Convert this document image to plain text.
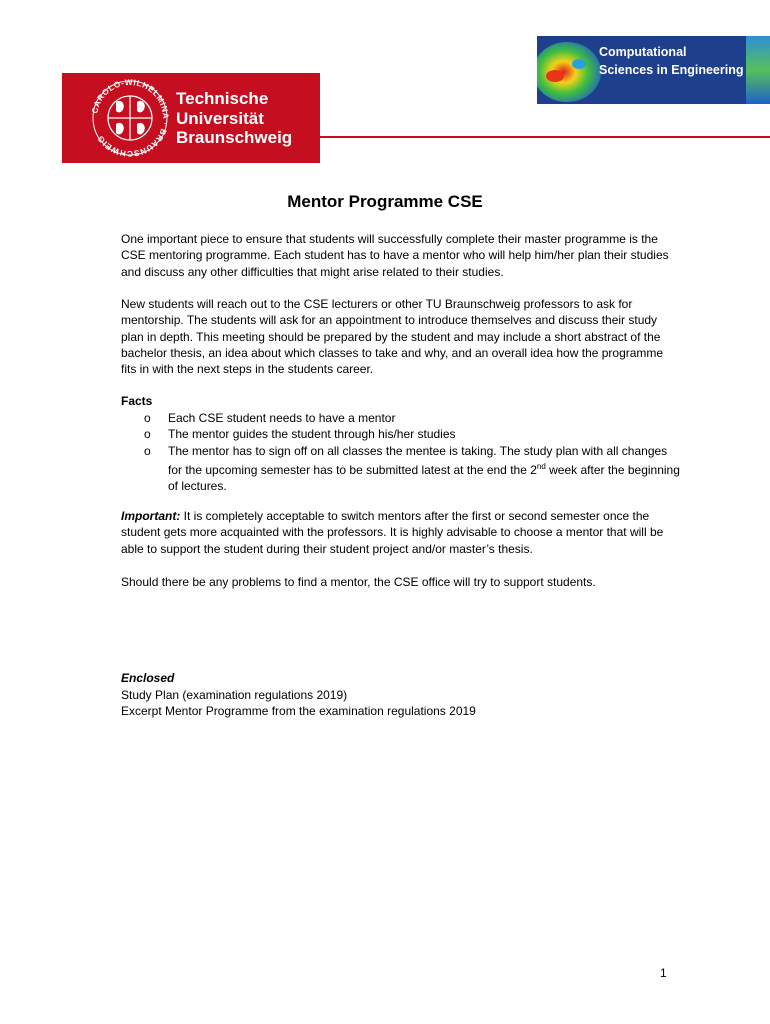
CAROLO-WILHELMINA · BRAUNSCHWEIG
Technische
Universität
Braunschweig
Computational
Sciences in Engineering
Mentor Programme CSE
One important piece to ensure that students will successfully complete their master programme is the CSE mentoring programme. Each student has to have a mentor who will help him/her plan their studies and discuss any other difficulties that might arise related to their studies.
New students will reach out to the CSE lecturers or other TU Braunschweig professors to ask for mentorship. The students will ask for an appointment to introduce themselves and discuss their study plan in depth. This meeting should be prepared by the student and may include a short abstract of the bachelor thesis, an idea about which classes to take and why, and an overall idea how the programme fits in with the next steps in the students career.
Facts
o Each CSE student needs to have a mentor
o The mentor guides the student through his/her studies
o The mentor has to sign off on all classes the mentee is taking. The study plan with all changes for the upcoming semester has to be submitted latest at the end the 2nd week after the beginning of lectures.
Important: It is completely acceptable to switch mentors after the first or second semester once the student gets more acquainted with the professors. It is highly advisable to choose a mentor that will be able to support the student during their student project and/or master’s thesis.
Should there be any problems to find a mentor, the CSE office will try to support students.
Enclosed
Study Plan (examination regulations 2019)
Excerpt Mentor Programme from the examination regulations 2019
1
